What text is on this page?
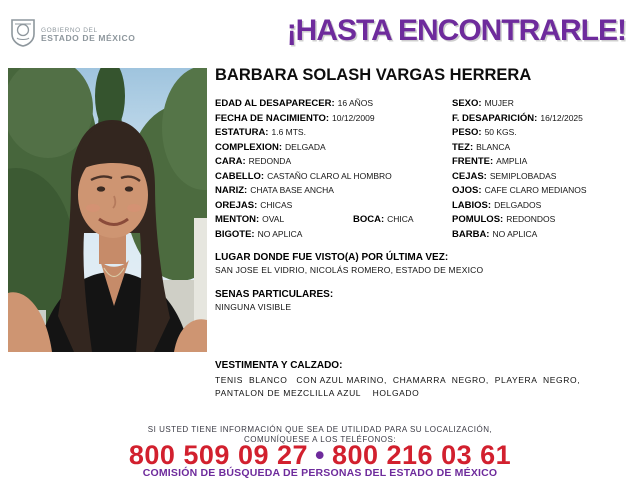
GOBIERNO DEL
ESTADO DE MÉXICO	¡HASTA ENCONTRARLE!
BARBARA SOLASH VARGAS HERRERA
EDAD AL DESAPARECER: 16 AÑOS	SEXO: MUJER
FECHA DE NACIMIENTO: 10/12/2009	F. DESAPARICIÓN: 16/12/2025
ESTATURA: 1.6 MTS.	PESO: 50 KGS.
COMPLEXION: DELGADA	TEZ: BLANCA
CARA: REDONDA	FRENTE: AMPLIA
CABELLO: CASTAÑO CLARO AL HOMBRO	CEJAS: SEMIPLOBADAS
NARIZ: CHATA BASE ANCHA	OJOS: CAFE CLARO MEDIANOS
OREJAS: CHICAS	LABIOS: DELGADOS
MENTON: OVAL	BOCA: CHICA	POMULOS: REDONDOS
BIGOTE: NO APLICA	BARBA: NO APLICA
LUGAR DONDE FUE VISTO(A) POR ÚLTIMA VEZ:
SAN JOSE EL VIDRIO, NICOLÁS ROMERO, ESTADO DE MEXICO
SENAS PARTICULARES:
NINGUNA VISIBLE
VESTIMENTA Y CALZADO:
TENIS  BLANCO   CON AZUL MARINO,  CHAMARRA  NEGRO,  PLAYERA  NEGRO,
PANTALON DE MEZCLILLA AZUL    HOLGADO
SI USTED TIENE INFORMACIÓN QUE SEA DE UTILIDAD PARA SU LOCALIZACIÓN,
COMUNÍQUESE A LOS TELÉFONOS:
800 509 09 27 • 800 216 03 61
COMISIÓN DE BÚSQUEDA DE PERSONAS DEL ESTADO DE MÉXICO
